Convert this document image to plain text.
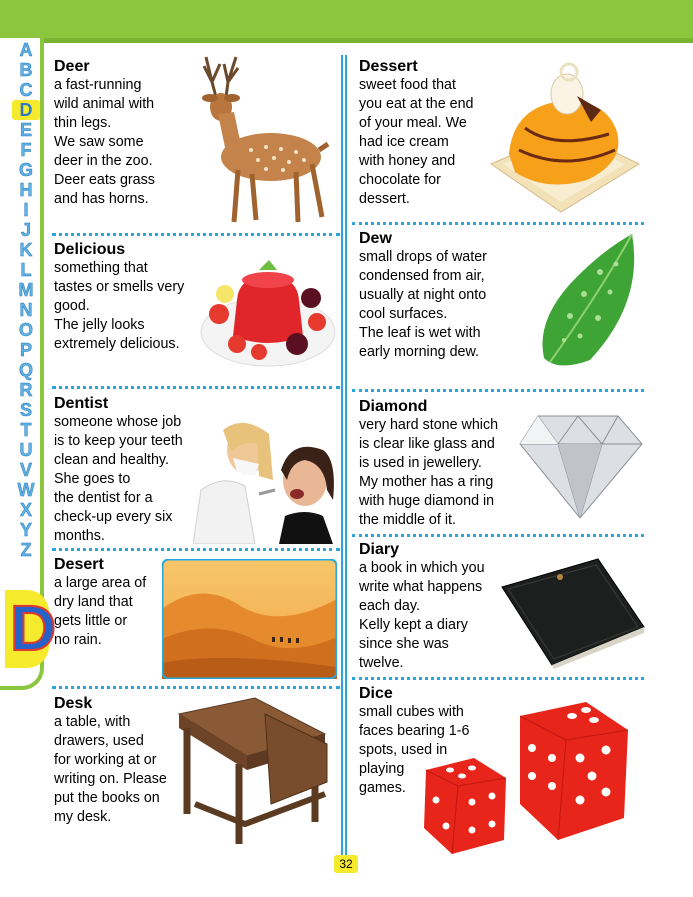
A
B
C
D
E
F
G
H
I
J
K
L
M
N
O
P
Q
R
S
T
U
V
W
X
Y
Z
D
Deer
a fast-running
wild animal with
thin legs.
We saw some
deer in the zoo.
Deer eats grass
and has horns.
Delicious
something that
tastes or smells very
good.
The jelly looks
extremely delicious.
Dentist
someone whose job
is to keep your teeth
clean and healthy.
She goes to
the dentist for a
check-up every six
months.
Desert
a large area of
dry land that
gets little or
no rain.
Desk
a table, with
drawers, used
for working at or
writing on. Please
put the books on
my desk.
Dessert
sweet food that
you eat at the end
of your meal. We
had ice cream
with honey and
chocolate for
dessert.
Dew
small drops of water
condensed from air,
usually at night onto
cool surfaces.
The leaf is wet with
early morning dew.
Diamond
very hard stone which
is clear like glass and
is used in jewellery.
My mother has a ring
with huge diamond in
the middle of it.
Diary
a book in which you
write what happens
each day.
Kelly kept a diary
since she was
twelve.
Dice
small cubes with
faces bearing 1-6
spots, used in
playing
games.
32
